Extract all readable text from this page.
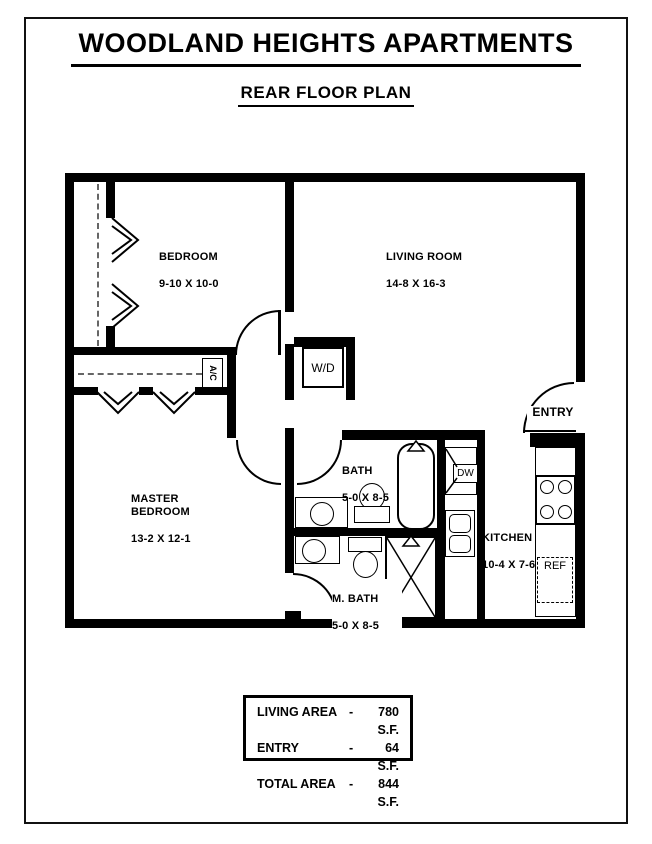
WOODLAND HEIGHTS APARTMENTS
REAR FLOOR PLAN
W/D
A/C
DW
REF

BEDROOM

9-10 X 10-0

LIVING ROOM

14-8 X 16-3

MASTER BEDROOM

13-2 X 12-1

BATH

5-0 X 8-5

M. BATH

5-0 X 8-5

KITCHEN

10-4 X 7-6

ENTRY
LIVING AREA -	780 S.F.
ENTRY	-	64 S.F.
TOTAL AREA	-	844 S.F.
